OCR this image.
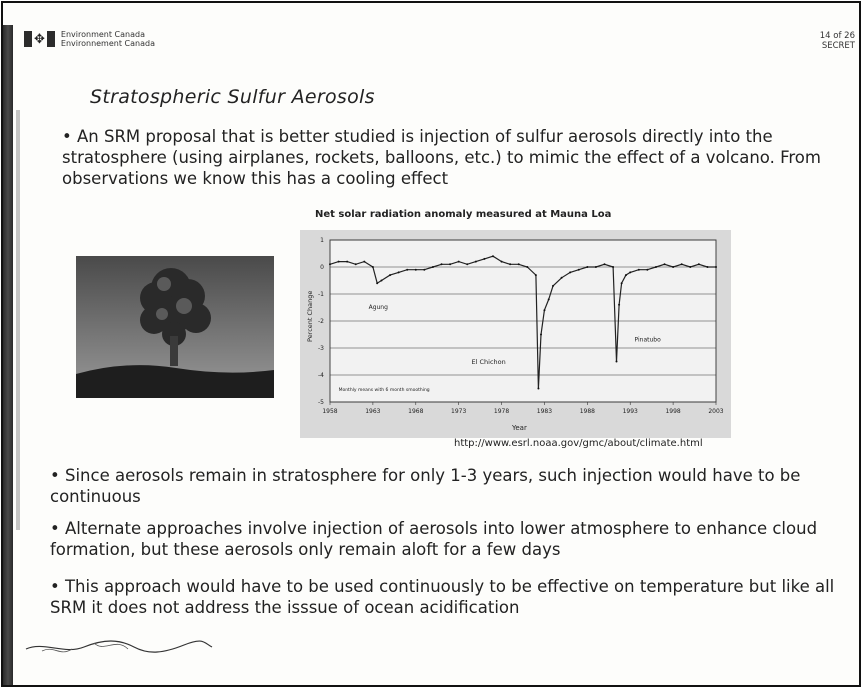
✥ Environment Canada
Environnement Canada
14 of 26
SECRET
Stratospheric Sulfur Aerosols
• An SRM proposal that is better studied is injection of sulfur aerosols directly into the stratosphere (using airplanes, rockets, balloons, etc.) to mimic the effect of a volcano. From observations we know this has a cooling effect
Net solar radiation anomaly measured at Mauna Loa
1
0
-1
-2
-3
-4
-5
1958	1963	1968	1973	1978	1983	1988	1993	1998	2003
Agung
El Chichon
Pinatubo
Monthly means with 6 month smoothing
Percent Change
Year
http://www.esrl.noaa.gov/gmc/about/climate.html
• Since aerosols remain in stratosphere for only 1-3 years, such injection would have to be continuous
• Alternate approaches involve injection of aerosols into lower atmosphere to enhance cloud formation, but these aerosols only remain aloft for a few days
• This approach would have to be used continuously to be effective on temperature but like all SRM it does not address the isssue of ocean acidification
